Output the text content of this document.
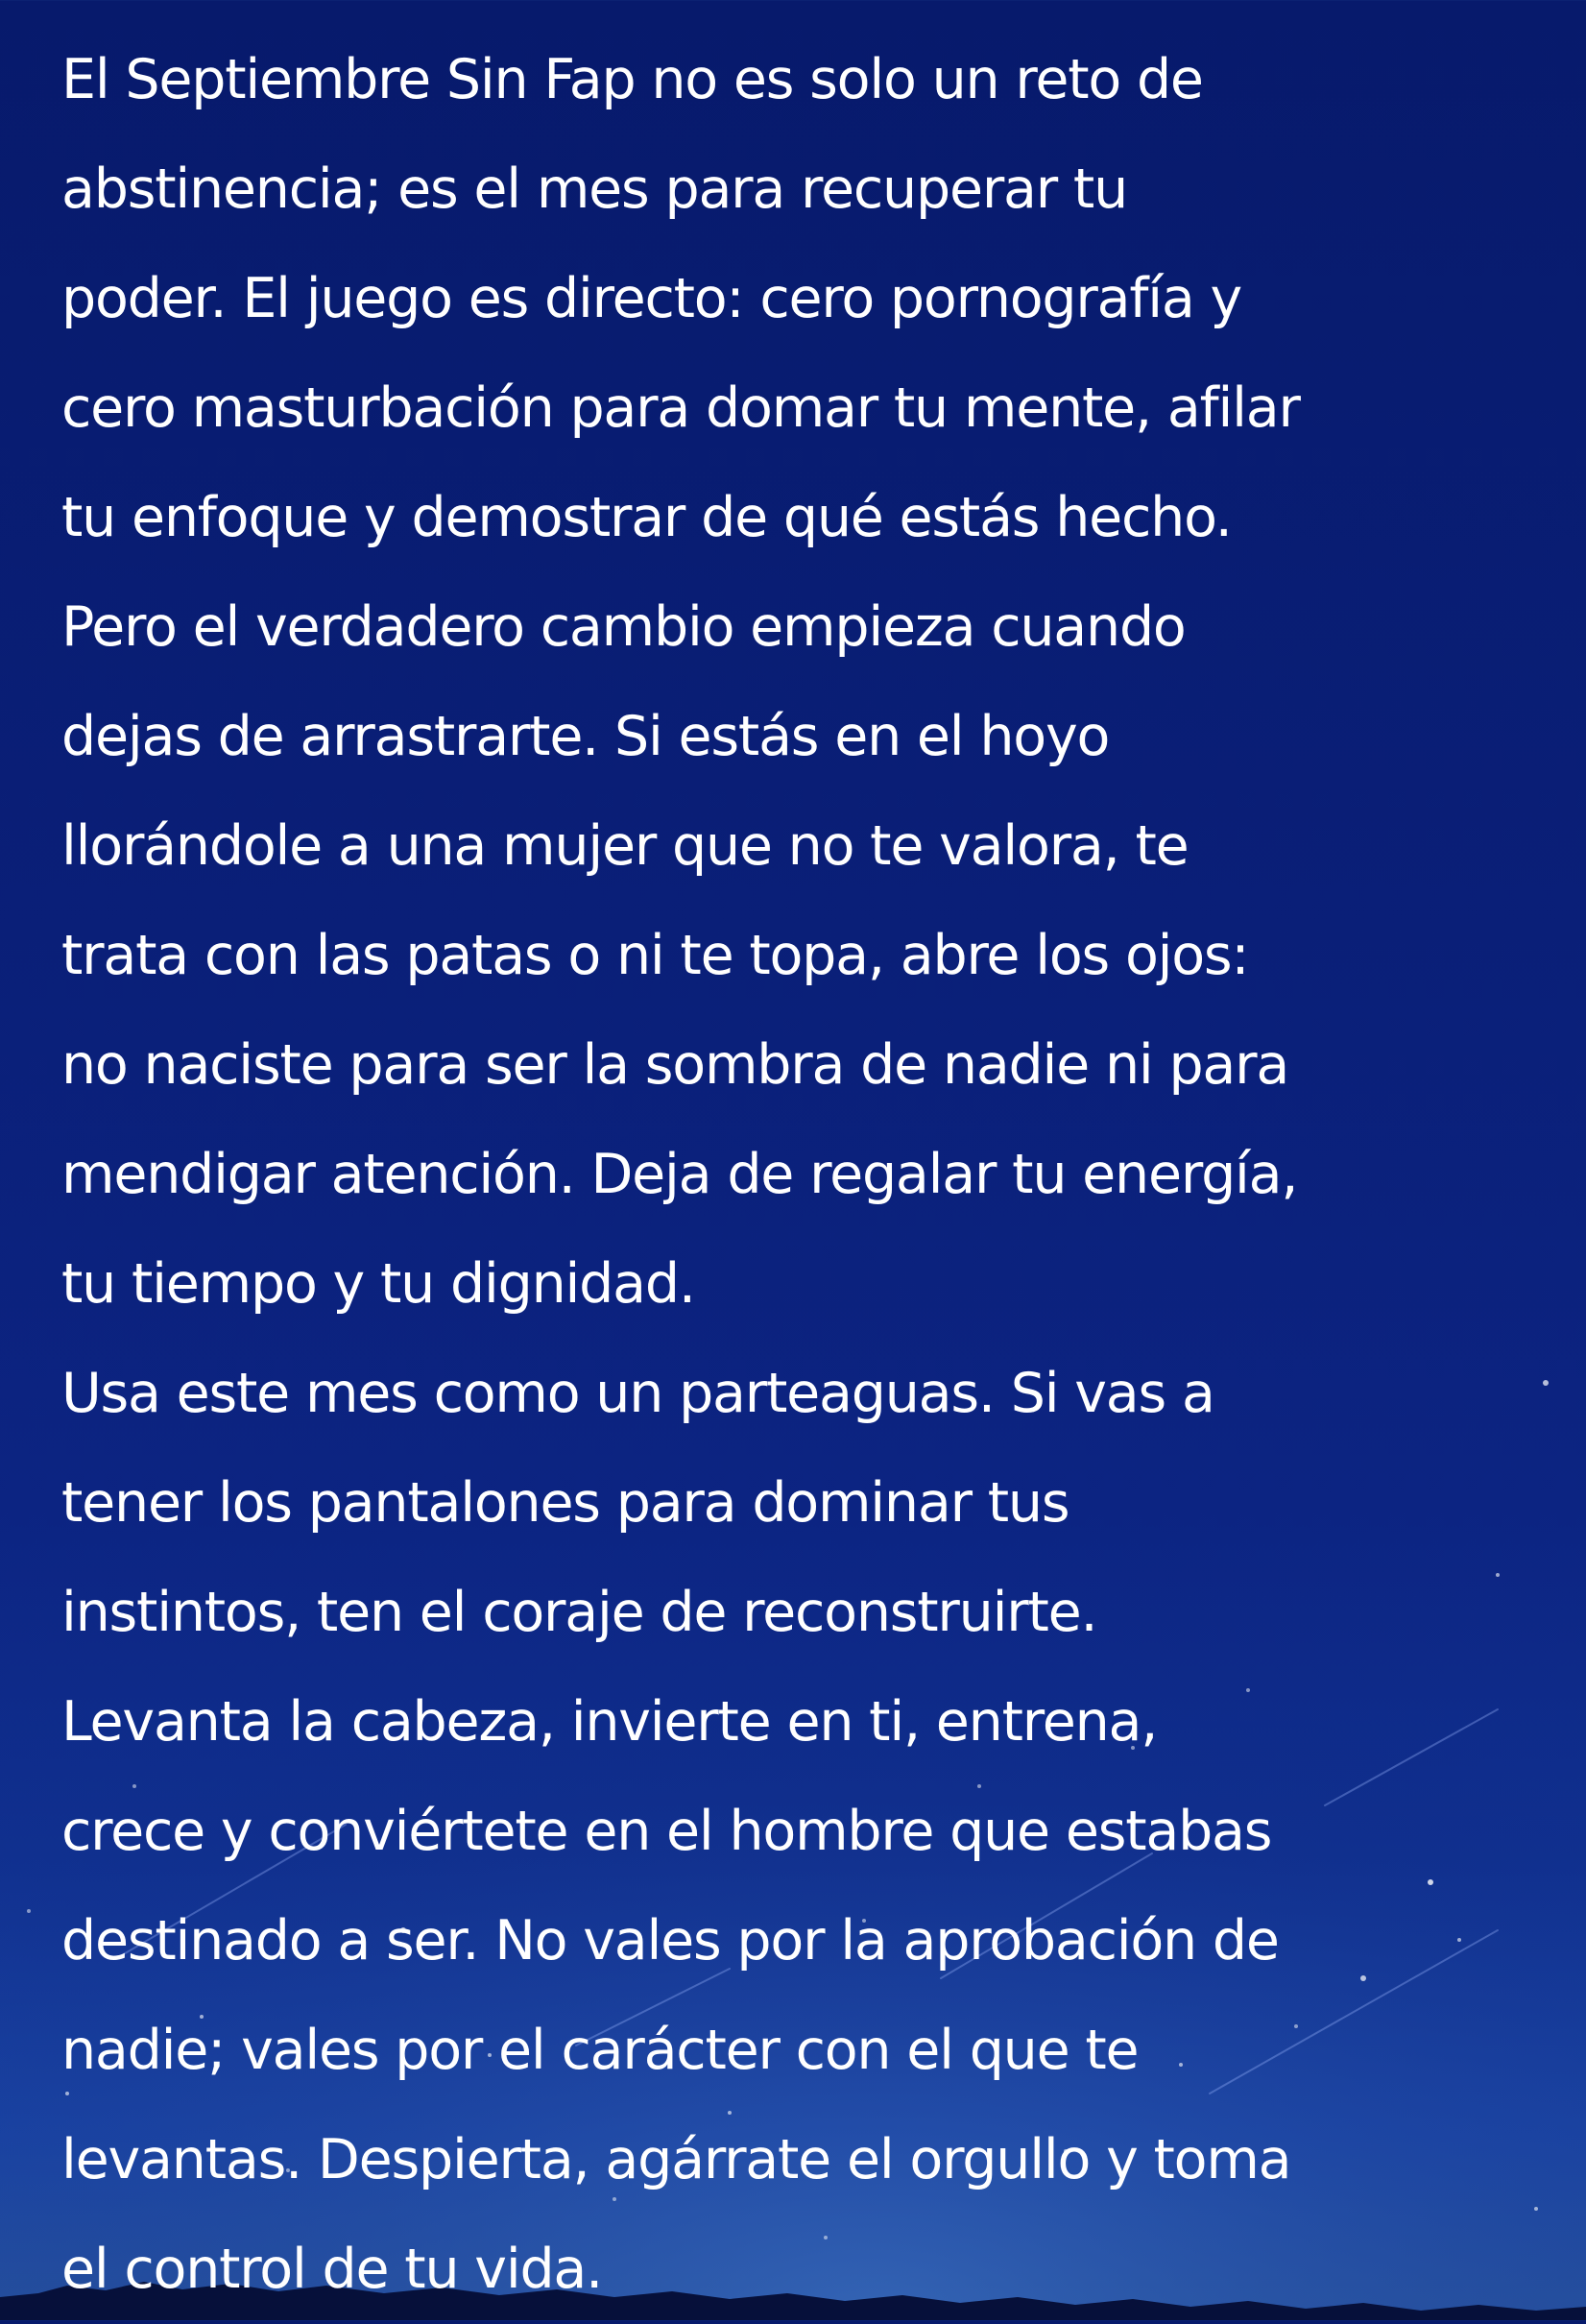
El Septiembre Sin Fap no es solo un reto de
abstinencia; es el mes para recuperar tu
poder. El juego es directo: cero pornografía y
cero masturbación para domar tu mente, afilar
tu enfoque y demostrar de qué estás hecho.
Pero el verdadero cambio empieza cuando
dejas de arrastrarte. Si estás en el hoyo
llorándole a una mujer que no te valora, te
trata con las patas o ni te topa, abre los ojos:
no naciste para ser la sombra de nadie ni para
mendigar atención. Deja de regalar tu energía,
tu tiempo y tu dignidad.
Usa este mes como un parteaguas. Si vas a
tener los pantalones para dominar tus
instintos, ten el coraje de reconstruirte.
Levanta la cabeza, invierte en ti, entrena,
crece y conviértete en el hombre que estabas
destinado a ser. No vales por la aprobación de
nadie; vales por el carácter con el que te
levantas. Despierta, agárrate el orgullo y toma
el control de tu vida.
